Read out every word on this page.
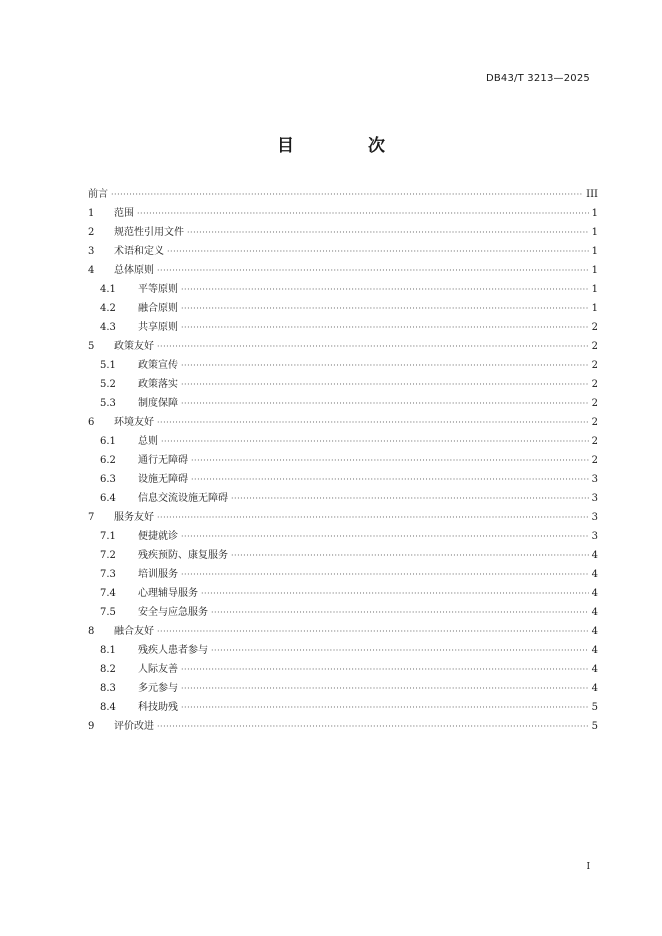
DB43/T 3213—2025
目 次
前言 ·····	III
1	范围 ·····	1
2	规范性引用文件 ·····	1
3	术语和定义 ·····	1
4	总体原则 ·····	1
4.1	平等原则 ·····	1
4.2	融合原则 ·····	1
4.3	共享原则 ·····	2
5	政策友好 ·····	2
5.1	政策宣传 ·····	2
5.2	政策落实 ·····	2
5.3	制度保障 ·····	2
6	环境友好 ·····	2
6.1	总则 ·····	2
6.2	通行无障碍 ·····	2
6.3	设施无障碍 ·····	3
6.4	信息交流设施无障碍 ·····	3
7	服务友好 ·····	3
7.1	便捷就诊 ·····	3
7.2	残疾预防、康复服务 ·····	4
7.3	培训服务 ·····	4
7.4	心理辅导服务 ·····	4
7.5	安全与应急服务 ·····	4
8	融合友好 ·····	4
8.1	残疾人患者参与 ·····	4
8.2	人际友善 ·····	4
8.3	多元参与 ·····	4
8.4	科技助残 ·····	5
9	评价改进 ·····	5
I
